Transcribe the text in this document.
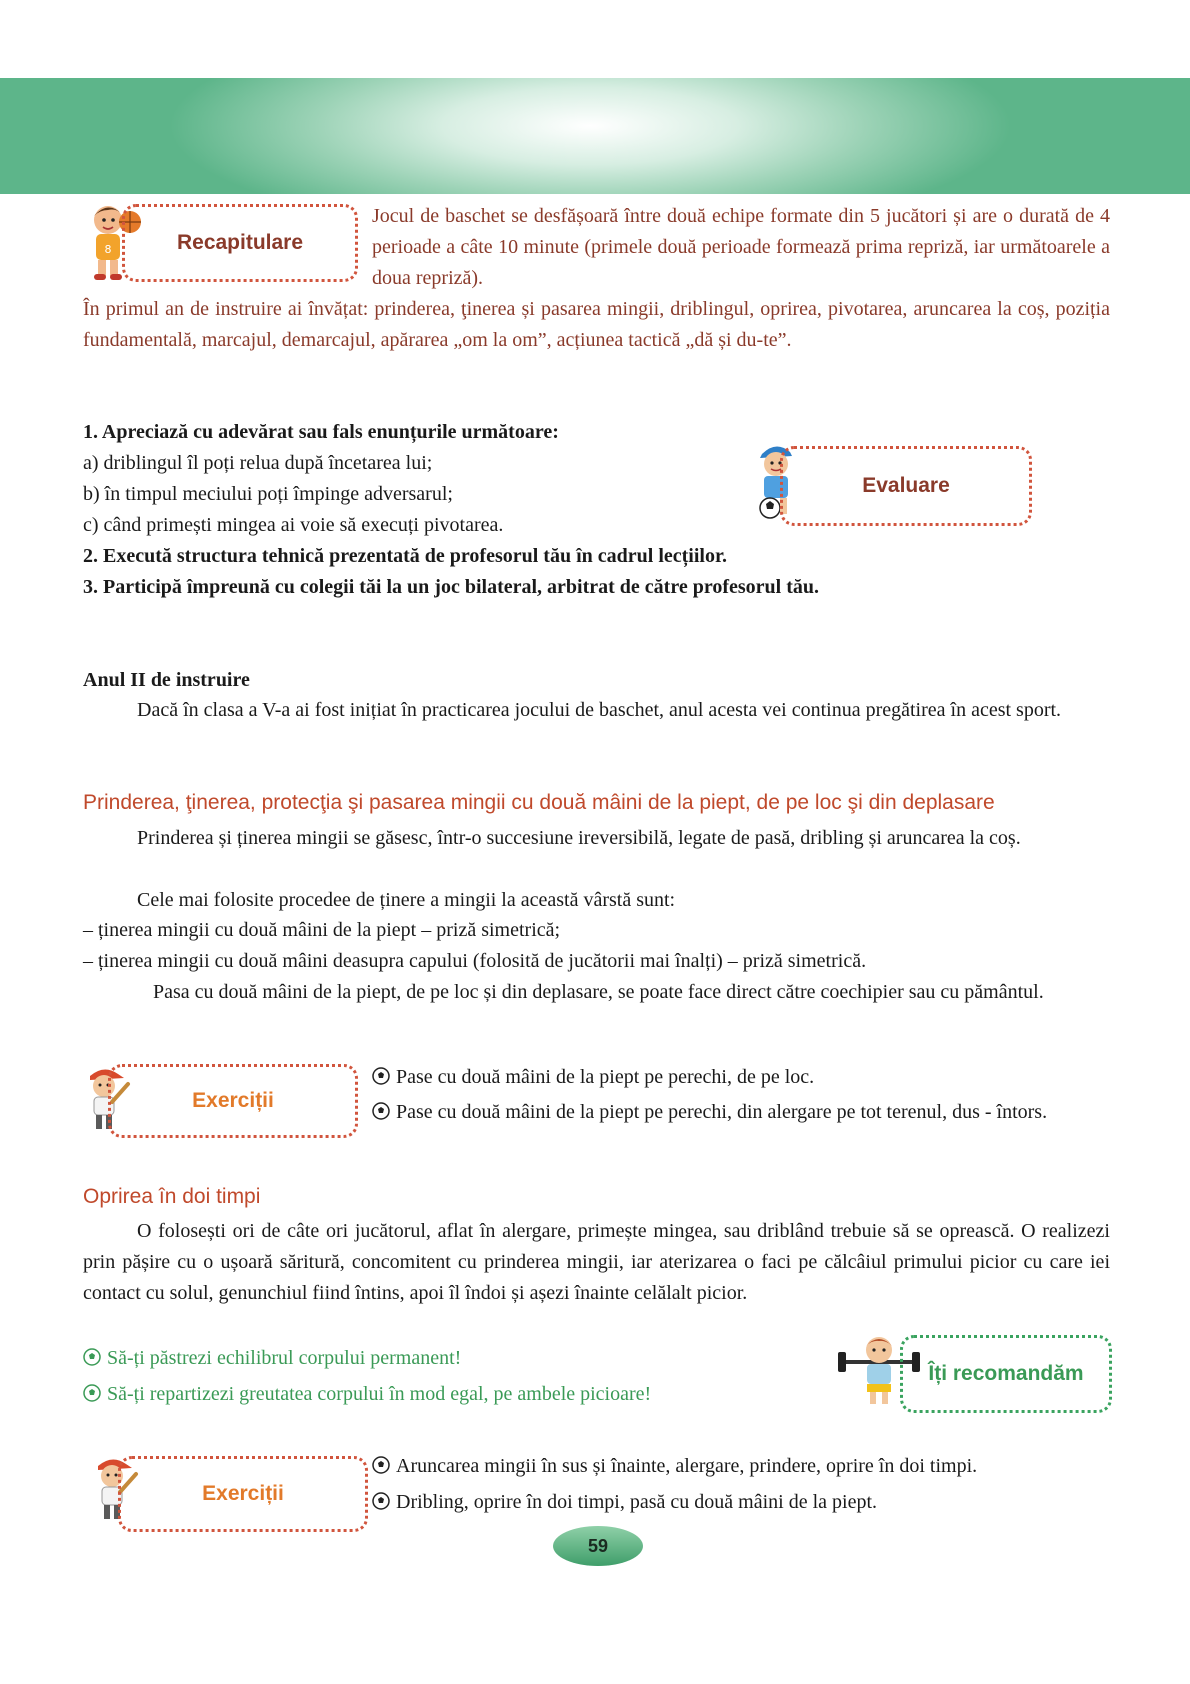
8	Recapitulare

Jocul de baschet se desfășoară între două echipe formate din 5 jucători și are o durată de 4 perioade a câte 10 minute (primele două perioade formează prima repriză, iar următoarele a doua repriză).

În primul an de instruire ai învățat: prinderea, ţinerea și pasarea mingii, driblingul, oprirea, pivotarea, aruncarea la coș, poziția fundamentală, marcajul, demarcajul, apărarea „om la om”, acțiunea tactică „dă și du-te”.

1. Apreciază cu adevărat sau fals enunțurile următoare:

a) driblingul îl poți relua după încetarea lui;

b) în timpul meciului poți împinge adversarul;

c) când primești mingea ai voie să execuți pivotarea.

2. Execută structura tehnică prezentată de profesorul tău în cadrul lecțiilor.

3. Participă împreună cu colegii tăi la un joc bilateral, arbitrat de către profesorul tău.

Evaluare

Anul II de instruire

Dacă în clasa a V-a ai fost inițiat în practicarea jocului de baschet, anul acesta vei continua pregătirea în acest sport.

Prinderea, ţinerea, protecţia şi pasarea mingii cu două mâini de la piept, de pe loc şi din deplasare

Prinderea și ținerea mingii se găsesc, într-o succesiune ireversibilă, legate de pasă, dribling și aruncarea la coș.

Cele mai folosite procedee de ținere a mingii la această vârstă sunt:

– ținerea mingii cu două mâini de la piept – priză simetrică;

– ținerea mingii cu două mâini deasupra capului (folosită de jucătorii mai înalți) – priză simetrică.

Pasa cu două mâini de la piept, de pe loc și din deplasare, se poate face direct către coechipier sau cu pământul.

Exerciții

Pase cu două mâini de la piept pe perechi, de pe loc.

Pase cu două mâini de la piept pe perechi, din alergare pe tot terenul, dus - întors.

Oprirea în doi timpi

O folosești ori de câte ori jucătorul, aflat în alergare, primește mingea, sau driblând trebuie să se oprească. O realizezi prin pășire cu o ușoară săritură, concomitent cu prinderea mingii, iar aterizarea o faci pe călcâiul primului picior cu care iei contact cu solul, genunchiul fiind întins, apoi îl îndoi și așezi înainte celălalt picior.

Să-ți păstrezi echilibrul corpului permanent!

Să-ți repartizezi greutatea corpului în mod egal, pe ambele picioare!

Îți recomandăm
Exerciții

Aruncarea mingii în sus și înainte, alergare, prindere, oprire în doi timpi.

Dribling, oprire în doi timpi, pasă cu două mâini de la piept.

59
